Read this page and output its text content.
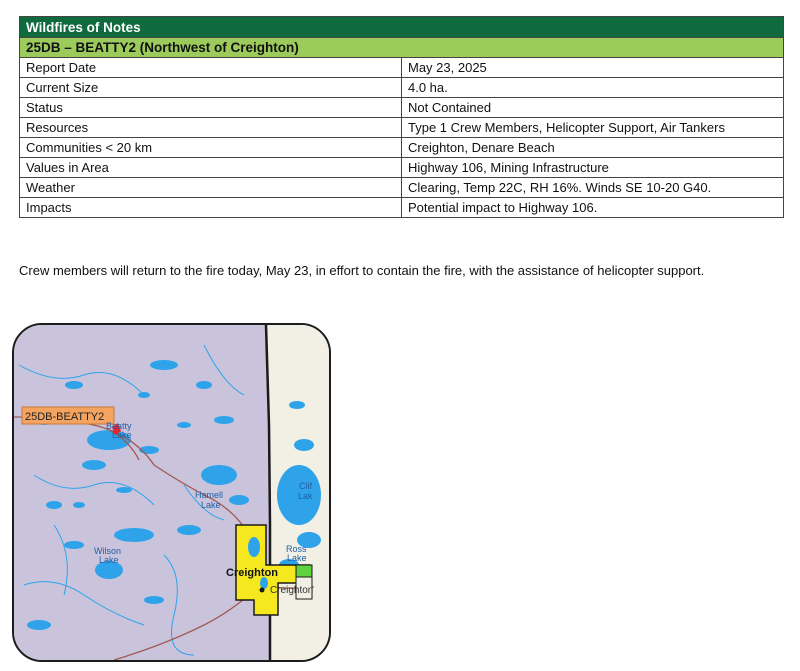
Wildfires of Notes	
25DB – BEATTY2 (Northwest of Creighton)	
Report Date	May 23, 2025
Current Size	4.0 ha.
Status	Not Contained
Resources	Type 1 Crew Members, Helicopter Support, Air Tankers
Communities < 20 km	Creighton, Denare Beach
Values in Area	Highway 106, Mining Infrastructure
Weather	Clearing, Temp 22C, RH 16%. Winds SE 10-20 G40.
Impacts	Potential impact to Highway 106.

Crew members will return to the fire today, May 23, in effort to contain the fire, with the assistance of helicopter support.

25DB-BEATTY2
Beatty
Lake
Hamell
Lake
Wilson
Lake
Clif
Lak
Ross
Lake
Creighton
Creighton
